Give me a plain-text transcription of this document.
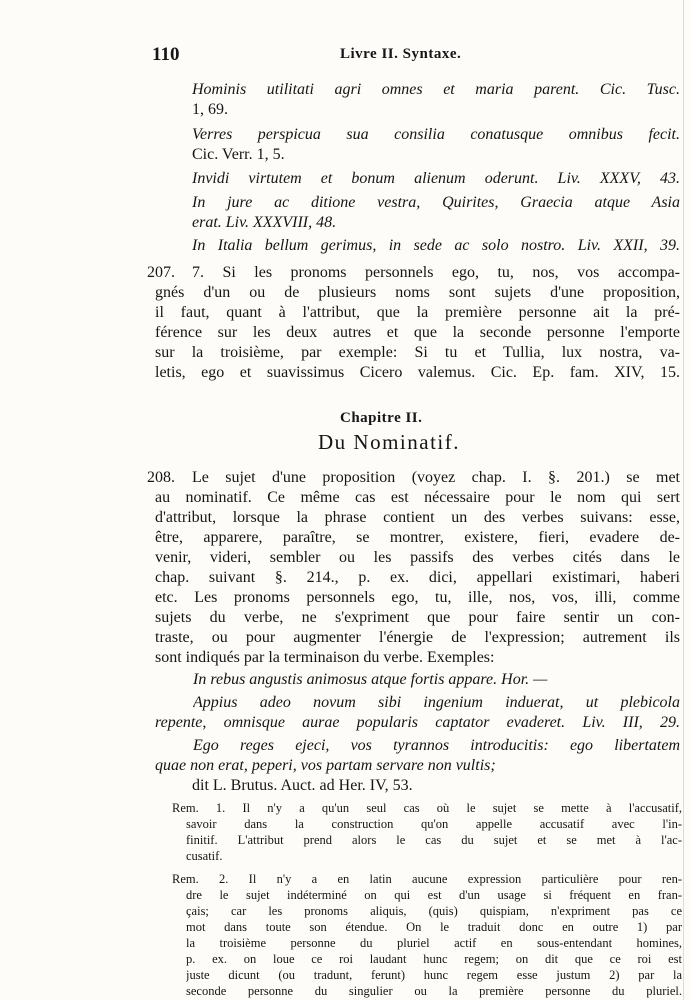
110	Livre II. Syntaxe.
Hominis utilitati agri omnes et maria parent. Cic. Tusc.
1, 69.
Verres perspicua sua consilia conatusque omnibus fecit.
Cic. Verr. 1, 5.
Invidi virtutem et bonum alienum oderunt. Liv. XXXV, 43.
In jure ac ditione vestra, Quirites, Graecia atque Asia
erat. Liv. XXXVIII, 48.
In Italia bellum gerimus, in sede ac solo nostro. Liv. XXII, 39.
207. 7. Si les pronoms personnels ego, tu, nos, vos accompa-
gnés d'un ou de plusieurs noms sont sujets d'une proposition,
il faut, quant à l'attribut, que la première personne ait la pré-
férence sur les deux autres et que la seconde personne l'emporte
sur la troisième, par exemple: Si tu et Tullia, lux nostra, va-
letis, ego et suavissimus Cicero valemus. Cic. Ep. fam. XIV, 15.
Chapitre II.
Du Nominatif.
208. Le sujet d'une proposition (voyez chap. I. §. 201.) se met
au nominatif. Ce même cas est nécessaire pour le nom qui sert
d'attribut, lorsque la phrase contient un des verbes suivans: esse,
être, apparere, paraître, se montrer, existere, fieri, evadere de-
venir, videri, sembler ou les passifs des verbes cités dans le
chap. suivant §. 214., p. ex. dici, appellari existimari, haberi
etc. Les pronoms personnels ego, tu, ille, nos, vos, illi, comme
sujets du verbe, ne s'expriment que pour faire sentir un con-
traste, ou pour augmenter l'énergie de l'expression; autrement ils
sont indiqués par la terminaison du verbe. Exemples:
In rebus angustis animosus atque fortis appare. Hor. —
Appius adeo novum sibi ingenium induerat, ut plebicola
repente, omnisque aurae popularis captator evaderet. Liv. III, 29.
Ego reges ejeci, vos tyrannos introducitis: ego libertatem
quae non erat, peperi, vos partam servare non vultis;
dit L. Brutus. Auct. ad Her. IV, 53.
Rem. 1. Il n'y a qu'un seul cas où le sujet se mette à l'accusatif,
savoir dans la construction qu'on appelle accusatif avec l'in-
finitif. L'attribut prend alors le cas du sujet et se met à l'ac-
cusatif.
Rem. 2. Il n'y a en latin aucune expression particulière pour ren-
dre le sujet indéterminé on qui est d'un usage si fréquent en fran-
çais; car les pronoms aliquis, (quis) quispiam, n'expriment pas ce
mot dans toute son étendue. On le traduit donc en outre 1) par
la troisième personne du pluriel actif en sous-entendant homines,
p. ex. on loue ce roi laudant hunc regem; on dit que ce roi est
juste dicunt (ou tradunt, ferunt) hunc regem esse justum 2) par la
seconde personne du singulier ou la première personne du pluriel.
